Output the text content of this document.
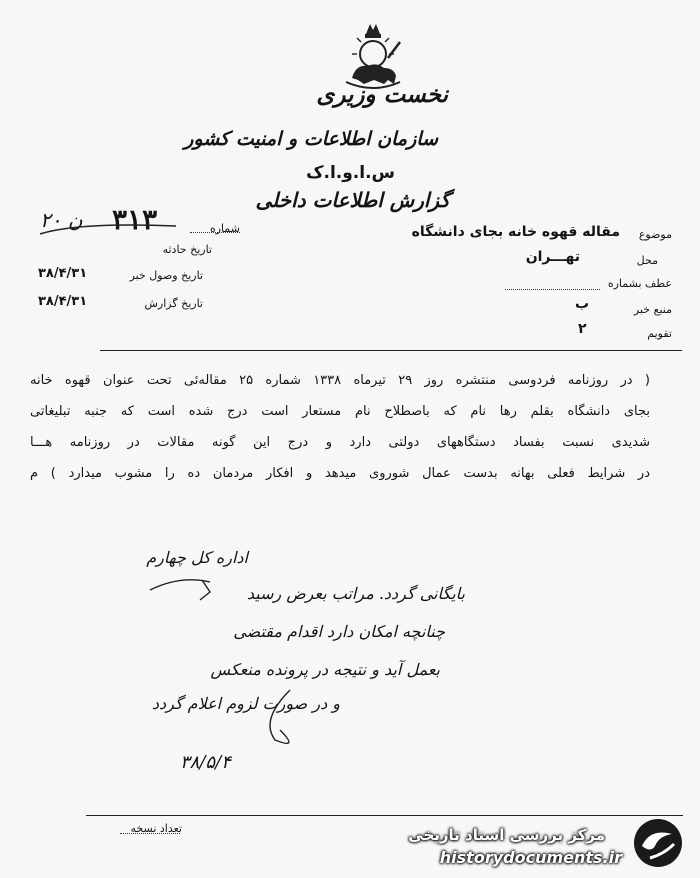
نخست وزیری
سازمان اطلاعات و امنیت کشور
س.ا.و.ا.ک
گزارش اطلاعات داخلی
شماره
۳۱۳
ن ۲۰
تاریخ حادثه
تاریخ وصول خبر
۳۸/۴/۳۱
تاریخ گزارش
۳۸/۴/۳۱
موضوع
مقاله قهوه خانه بجای دانشگاه
محل
تهـــران
عطف بشماره
منبع خبر
ب
تقویم
۲
( در روزنامه فردوسی منتشره روز ۲۹ تیرماه ۱۳۳۸ شماره ۲۵ مقاله‌ئی تحت عنوان قهوه خانه
بجای دانشگاه بقلم رها نام که باصطلاح نام مستعار است درج شده است که جنبه تبلیغاتی
شدیدی نسبت بفساد دستگاههای دولتی دارد و درج این گونه مقالات در روزنامه هـــا
در شرایط فعلی بهانه بدست عمال شوروی میدهد و افکار مردمان ده را مشوب میدارد ) م
اداره کل چهارم
بایگانی گردد. مراتب بعرض رسید
چنانچه امکان دارد اقدام مقتضی
بعمل آید و نتیجه در پرونده منعکس
و در صورت لزوم اعلام گردد
۳۸/۵/۴
تعداد نسخه	مرکز بررسی اسناد تاریخی
historydocuments.ir
